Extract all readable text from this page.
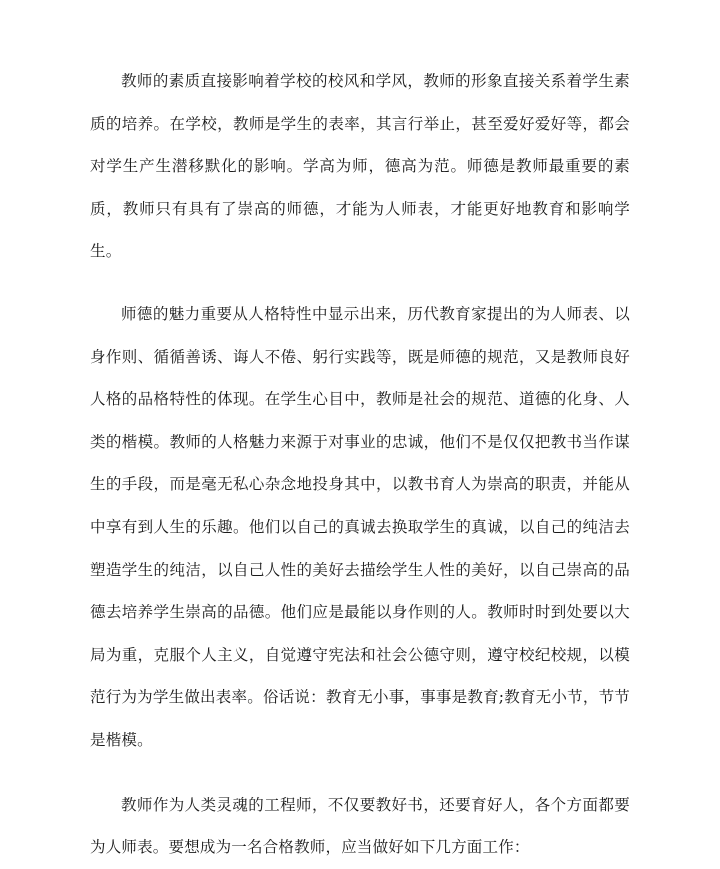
教师的素质直接影响着学校的校风和学风，教师的形象直接关系着学生素质的培养。在学校，教师是学生的表率，其言行举止，甚至爱好爱好等，都会对学生产生潜移默化的影响。学高为师，德高为范。师德是教师最重要的素质，教师只有具有了崇高的师德，才能为人师表，才能更好地教育和影响学生。

师德的魅力重要从人格特性中显示出来，历代教育家提出的为人师表、以身作则、循循善诱、诲人不倦、躬行实践等，既是师德的规范，又是教师良好人格的品格特性的体现。在学生心目中，教师是社会的规范、道德的化身、人类的楷模。教师的人格魅力来源于对事业的忠诚，他们不是仅仅把教书当作谋生的手段，而是毫无私心杂念地投身其中，以教书育人为崇高的职责，并能从中享有到人生的乐趣。他们以自己的真诚去换取学生的真诚，以自己的纯洁去塑造学生的纯洁，以自己人性的美好去描绘学生人性的美好，以自己崇高的品德去培养学生崇高的品德。他们应是最能以身作则的人。教师时时到处要以大局为重，克服个人主义，自觉遵守宪法和社会公德守则，遵守校纪校规，以模范行为为学生做出表率。俗话说：教育无小事，事事是教育;教育无小节，节节是楷模。

教师作为人类灵魂的工程师，不仅要教好书，还要育好人，各个方面都要为人师表。要想成为一名合格教师，应当做好如下几方面工作：
